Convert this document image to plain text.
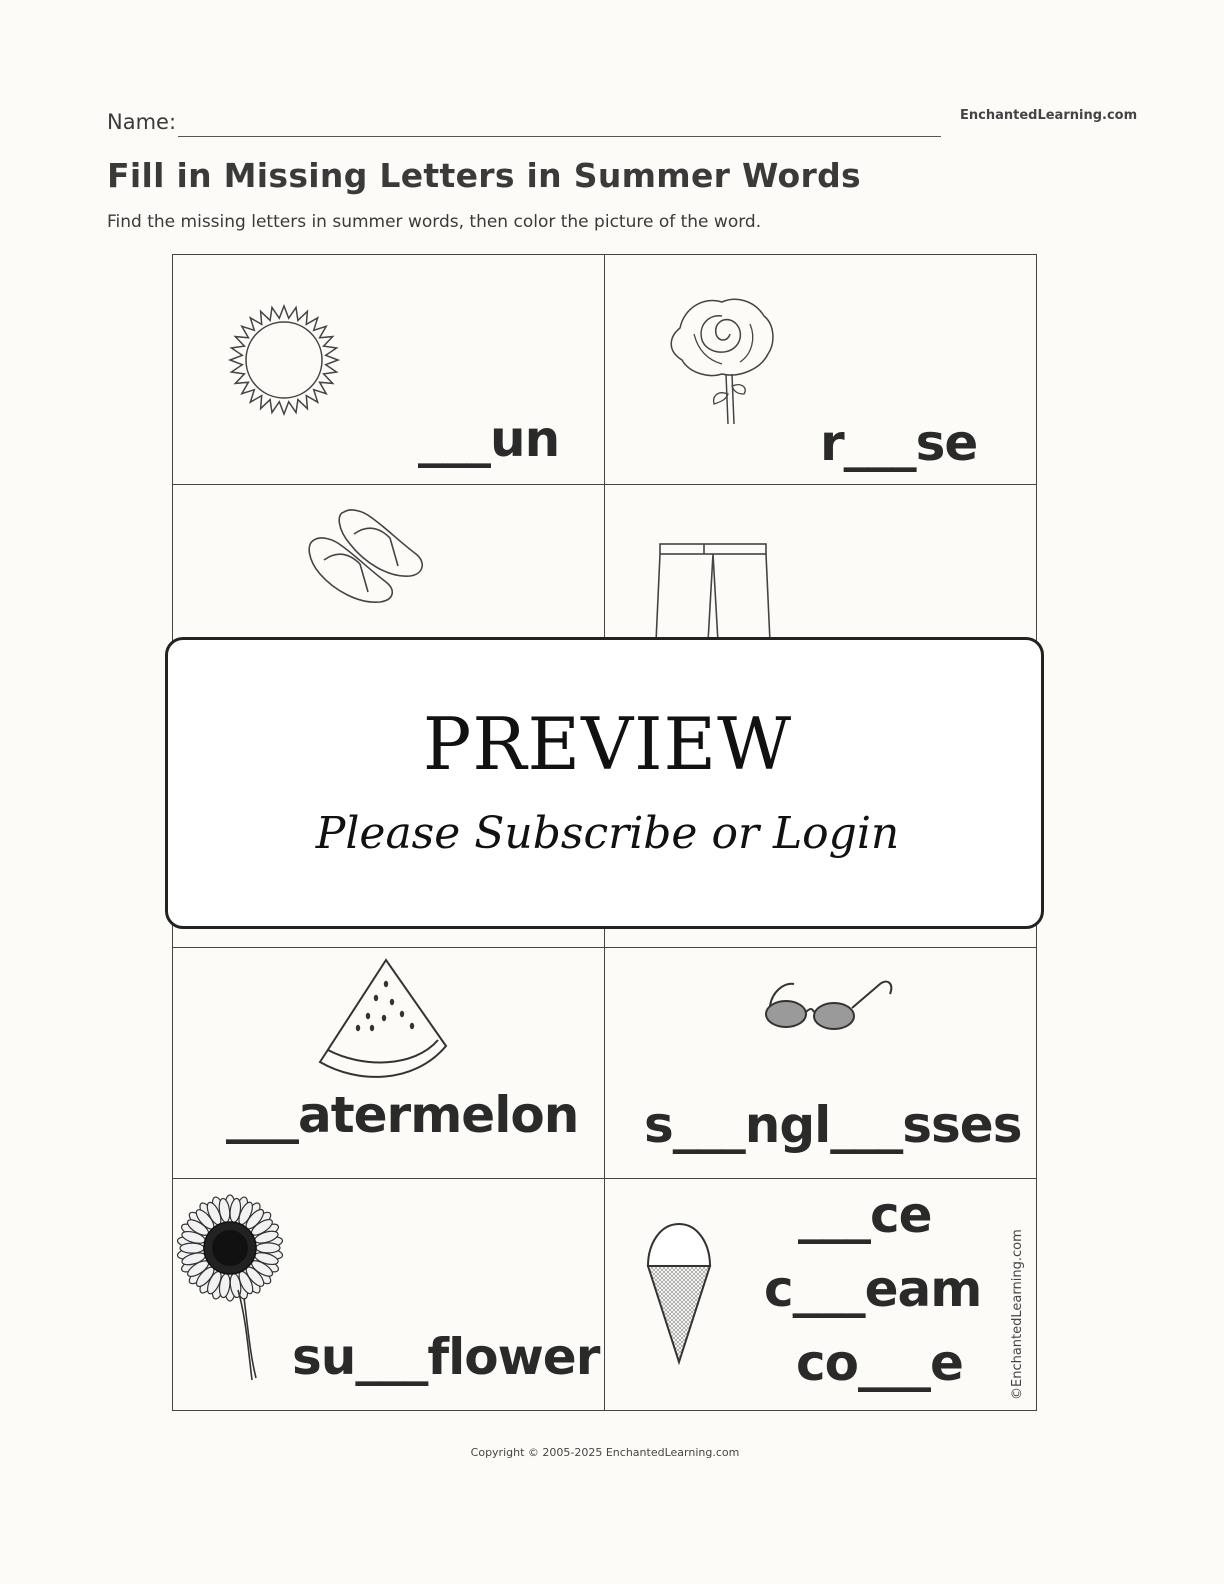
Name:	EnchantedLearning.com
Fill in Missing Letters in Summer Words
Find the missing letters in summer words, then color the picture of the word.
___un	r___se
___atermelon s___ngl___sses
su___flower
___ce
c___eam
co___e	©EnchantedLearning.com
PREVIEW
Please Subscribe or Login
Copyright © 2005-2025 EnchantedLearning.com
